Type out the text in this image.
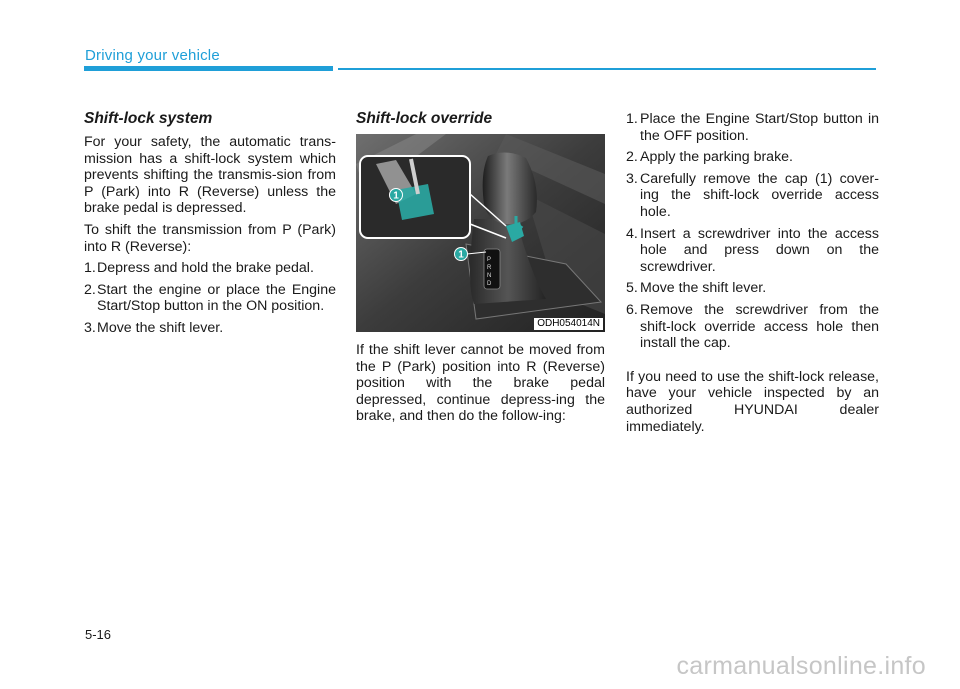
Driving your vehicle
Shift-lock system

For your safety, the automatic trans-mission has a shift-lock system which prevents shifting the transmis-sion from P (Park) into R (Reverse) unless the brake pedal is depressed.

To shift the transmission from P (Park) into R (Reverse):

1. Depress and hold the brake pedal.
2. Start the engine or place the Engine Start/Stop button in the ON position.
3. Move the shift lever.
Shift-lock override
P
R
N
D
1
1
ODH054014N

If the shift lever cannot be moved from the P (Park) position into R (Reverse) position with the brake pedal depressed, continue depress-ing the brake, and then do the follow-ing:

1. Place the Engine Start/Stop button in the OFF position.
2. Apply the parking brake.
3. Carefully remove the cap (1) cover-ing the shift-lock override access hole.
4. Insert a screwdriver into the access hole and press down on the screwdriver.
5. Move the shift lever.
6. Remove the screwdriver from the shift-lock override access hole then install the cap.

If you need to use the shift-lock release, have your vehicle inspected by an authorized HYUNDAI dealer immediately.

5-16
carmanualsonline.info
